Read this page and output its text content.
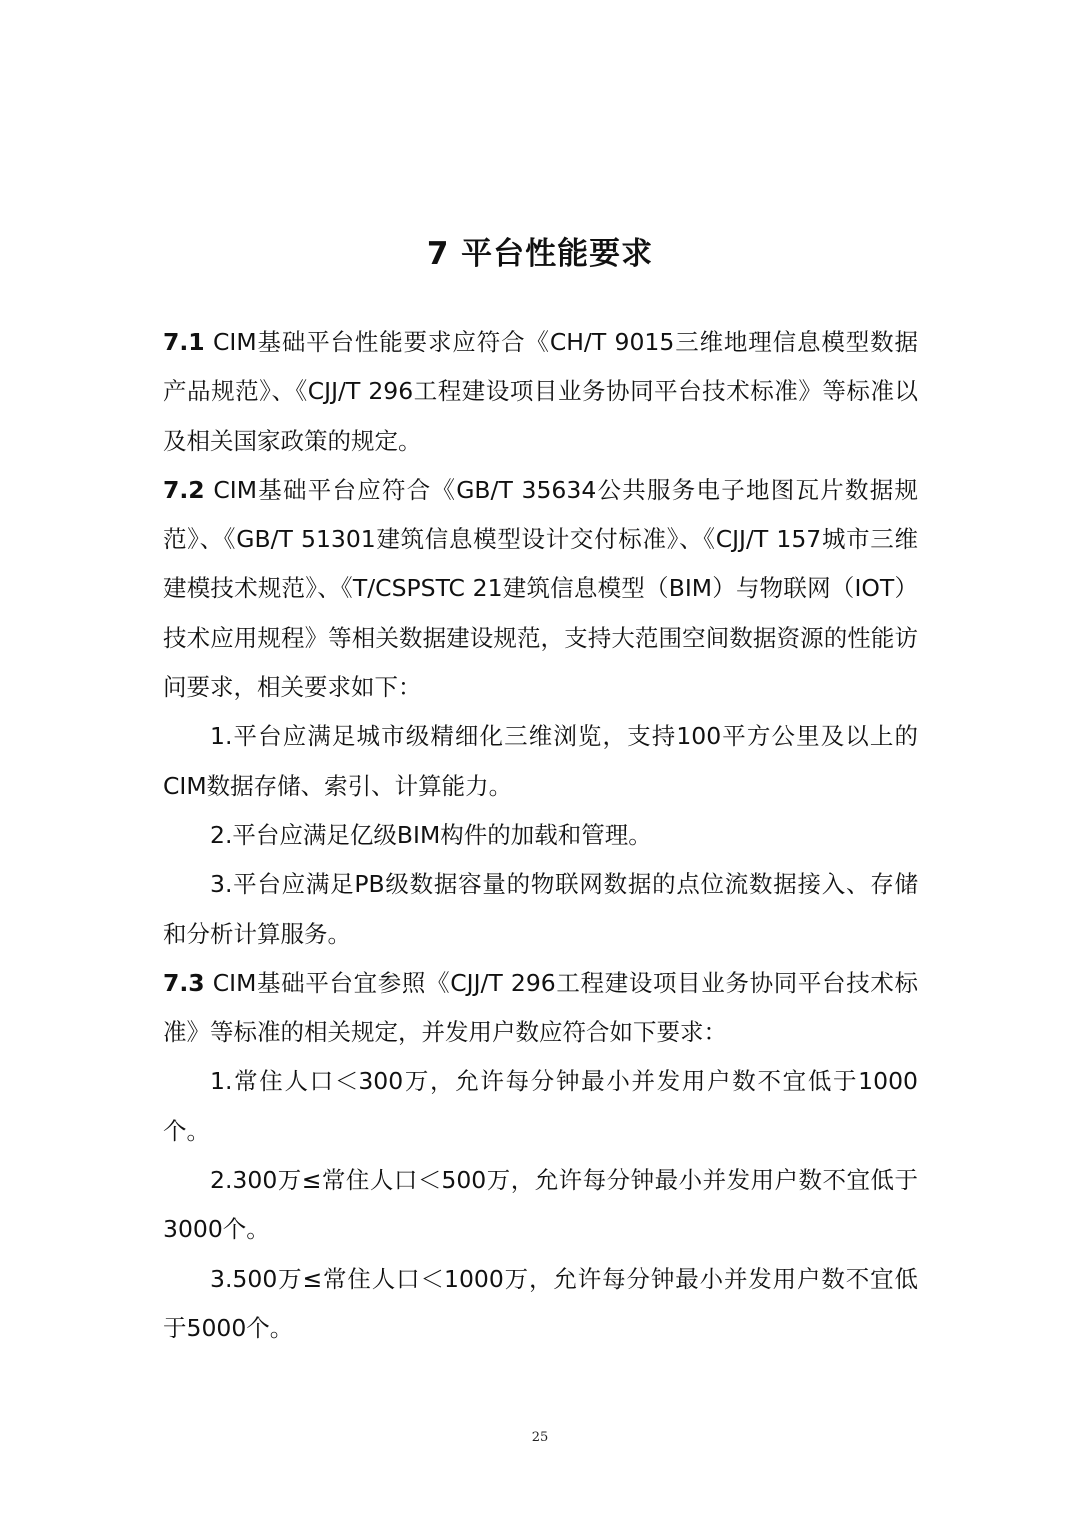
7 平台性能要求

7.1 CIM基础平台性能要求应符合《CH/T 9015三维地理信息模型数据产品规范》、《CJJ/T 296工程建设项目业务协同平台技术标准》等标准以及相关国家政策的规定。

7.2 CIM基础平台应符合《GB/T 35634公共服务电子地图瓦片数据规范》、《GB/T 51301建筑信息模型设计交付标准》、《CJJ/T 157城市三维建模技术规范》、《T/CSPSTC 21建筑信息模型（BIM）与物联网（IOT）技术应用规程》等相关数据建设规范，支持大范围空间数据资源的性能访问要求，相关要求如下：

1.平台应满足城市级精细化三维浏览，支持100平方公里及以上的CIM数据存储、索引、计算能力。

2.平台应满足亿级BIM构件的加载和管理。

3.平台应满足PB级数据容量的物联网数据的点位流数据接入、存储和分析计算服务。

7.3 CIM基础平台宜参照《CJJ/T 296工程建设项目业务协同平台技术标准》等标准的相关规定，并发用户数应符合如下要求：

1.常住人口＜300万，允许每分钟最小并发用户数不宜低于1000个。

2.300万≤常住人口＜500万，允许每分钟最小并发用户数不宜低于3000个。

3.500万≤常住人口＜1000万，允许每分钟最小并发用户数不宜低于5000个。

25
